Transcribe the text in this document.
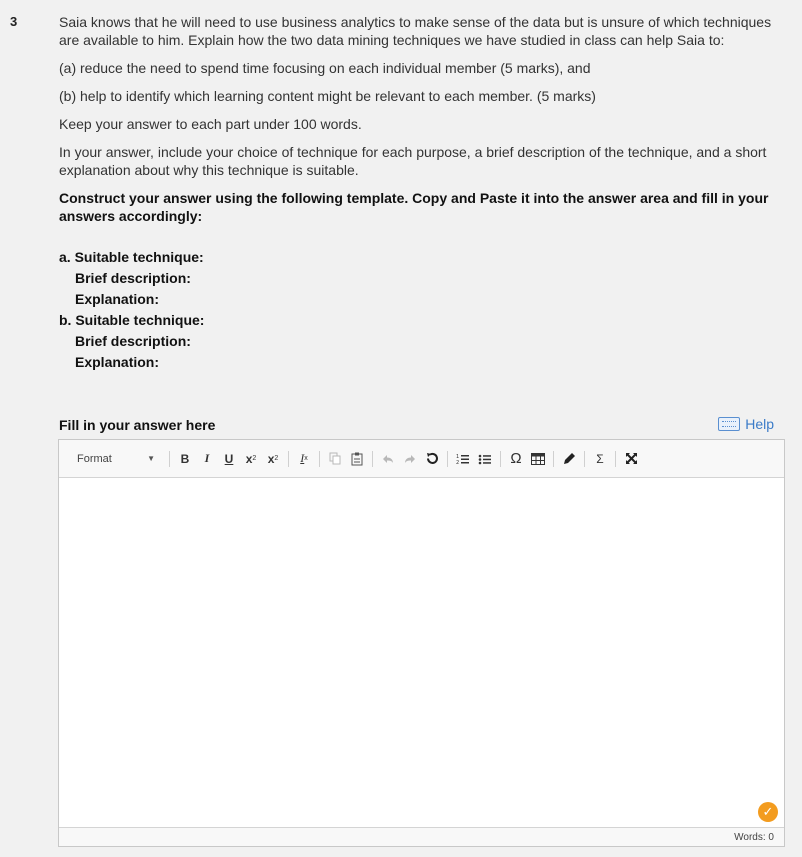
3	Saia knows that he will need to use business analytics to make sense of the data but is unsure of which techniques are available to him. Explain how the two data mining techniques we have studied in class can help Saia to:

(a) reduce the need to spend time focusing on each individual member (5 marks), and

(b) help to identify which learning content might be relevant to each member. (5 marks)

Keep your answer to each part under 100 words.

In your answer, include your choice of technique for each purpose, a brief description of the technique, and a short explanation about why this technique is suitable.

Construct your answer using the following template. Copy and Paste it into the answer area and fill in your answers accordingly:

a. Suitable technique:
Brief description:
Explanation:
b. Suitable technique:
Brief description:
Explanation:
Fill in your answer here	Help
Format	▼	B	I	U	x 2 x 2 I x	1
2	Ω	Σ
✓
Words: 0
